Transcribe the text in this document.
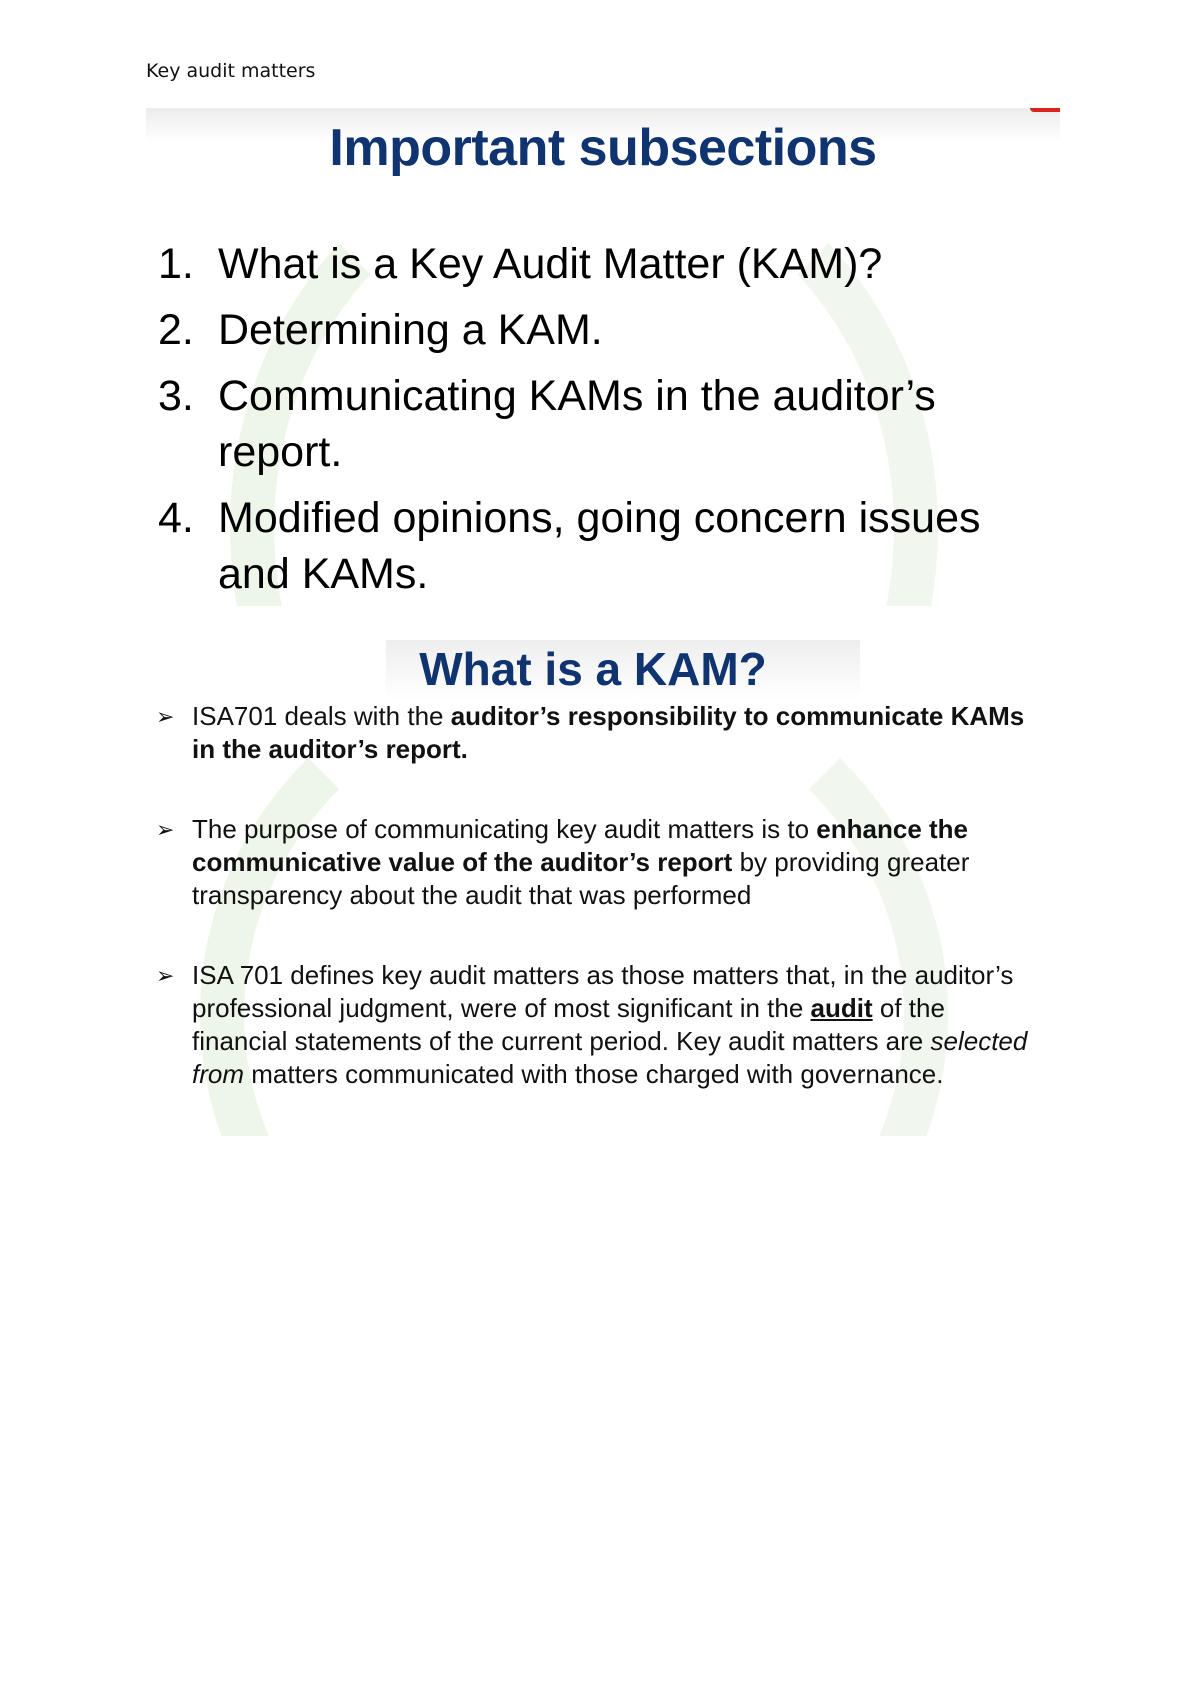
Key audit matters
Important subsections
1. What is a Key Audit Matter (KAM)?
2. Determining a KAM.
3. Communicating KAMs in the auditor’s report.
4. Modified opinions, going concern issues and KAMs.
What is a KAM?
➢ ISA701 deals with the auditor’s responsibility to communicate KAMs in the auditor’s report.
➢ The purpose of communicating key audit matters is to enhance the communicative value of the auditor’s report by providing greater transparency about the audit that was performed
➢ ISA 701 defines key audit matters as those matters that, in the auditor’s professional judgment, were of most significant in the audit of the financial statements of the current period. Key audit matters are selected from matters communicated with those charged with governance.
